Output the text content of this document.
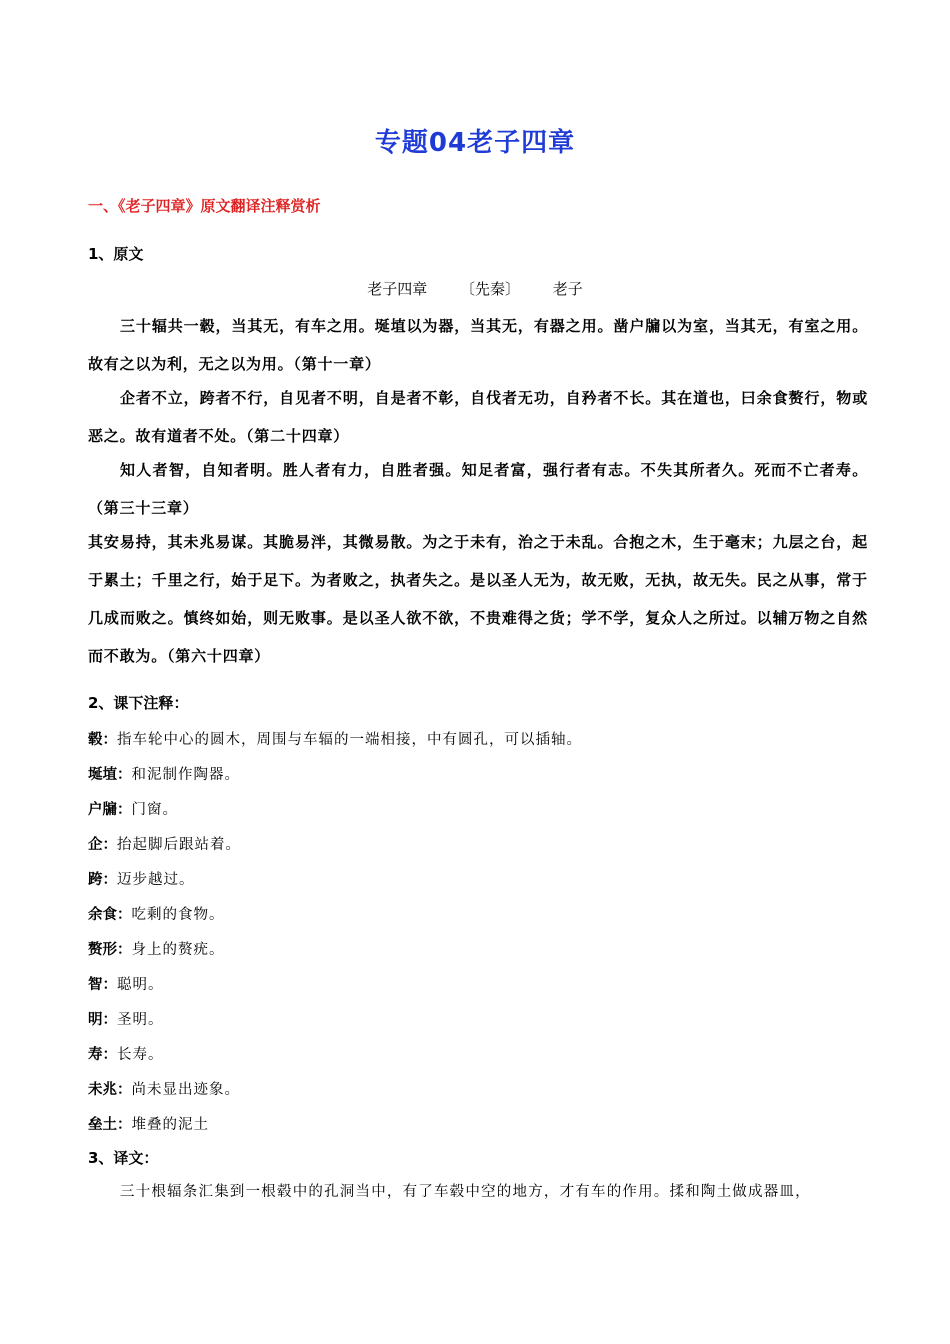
专题04老子四章
一、《老子四章》原文翻译注释赏析
1、原文
老子四章 〔先秦〕 老子
三十辐共一毂，当其无，有车之用。埏埴以为器，当其无，有器之用。凿户牖以为室，当其无，有室之用。故有之以为利，无之以为用。（第十一章）
企者不立，跨者不行，自见者不明，自是者不彰，自伐者无功，自矜者不长。其在道也，曰余食赘行，物或恶之。故有道者不处。（第二十四章）
知人者智，自知者明。胜人者有力，自胜者强。知足者富，强行者有志。不失其所者久。死而不亡者寿。（第三十三章）
其安易持，其未兆易谋。其脆易泮，其微易散。为之于未有，治之于未乱。合抱之木，生于毫末；九层之台，起于累土；千里之行，始于足下。为者败之，执者失之。是以圣人无为，故无败，无执，故无失。民之从事，常于几成而败之。慎终如始，则无败事。是以圣人欲不欲，不贵难得之货；学不学，复众人之所过。以辅万物之自然而不敢为。（第六十四章）
2、课下注释：
毂：指车轮中心的圆木，周围与车辐的一端相接，中有圆孔，可以插轴。
埏埴：和泥制作陶器。
户牖：门窗。
企：抬起脚后跟站着。
跨：迈步越过。
余食：吃剩的食物。
赘形：身上的赘疣。
智：聪明。
明：圣明。
寿：长寿。
未兆：尚未显出迹象。
垒土：堆叠的泥土
3、译文：
三十根辐条汇集到一根毂中的孔洞当中，有了车毂中空的地方，才有车的作用。揉和陶土做成器皿，
